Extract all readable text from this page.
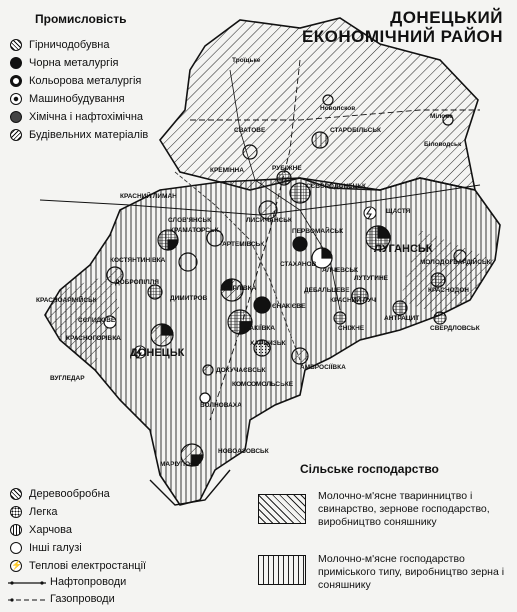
Троїцьке
Новопсков
Мілове
СВАТОВЕ	СТАРОБІЛЬСЬК
Біловодськ
КРЕМІННА	РУБІЖНЕ
СЄВЄРОДОНЕЦЬК
КРАСНИЙ ЛИМАН
СЛОВ'ЯНСЬК	ЛИСИЧАНСЬК
ЩАСТЯ
КРАМАТОРСЬК	ПЕРВОМАЙСЬК
ЛУГАНСЬК
КОСТЯНТИНІВКА
АРТЕМІВСЬК
СТАХАНОВ
АЛЧЕВСЬК
МОЛОДОГВАРДІЙСЬК
ЛУТУГИНЕ
ДОБРОПІЛЛЯ
ГОРЛІВКА	ДЕБАЛЬЦЕВЕ	КРАСНОДОН
КРАСНИЙ ЛУЧ
КРАСНОАРМІЙСЬК	ДИМИТРОВ
ЄНАКІЄВЕ
СЄЛИДОВЕ	АНТРАЦИТ
СВЕРДЛОВСЬК
МАКІЇВКА	СНІЖНЕ
КРАСНОГОРІВКА
ХАРЦИЗЬК
ДОНЕЦЬК
ВУГЛЕДАР
АМВРОСІЇВКА
ДОКУЧАЄВСЬК
КОМСОМОЛЬСЬКЕ
ВОЛНОВАХА
НОВОАЗОВСЬК
МАРІУПОЛЬ
ДОНЕЦЬКИЙ
ЕКОНОМІЧНИЙ РАЙОН
Промисловість
Гірничодобувна
Чорна металургія
Кольорова металургія
Машинобудування
Хімічна і нафтохімічна
Будівельних матеріалів
Деревообробна
Легка
Харчова
Інші галузі
⚡ Теплові електростанції
Нафтопроводи
Газопроводи
Сільське господарство
Молочно-м'ясне тваринництво і свинарство, зернове господарство, виробництво соняшнику
Молочно-м'ясне господарство приміського типу, виробництво зерна і соняшнику
